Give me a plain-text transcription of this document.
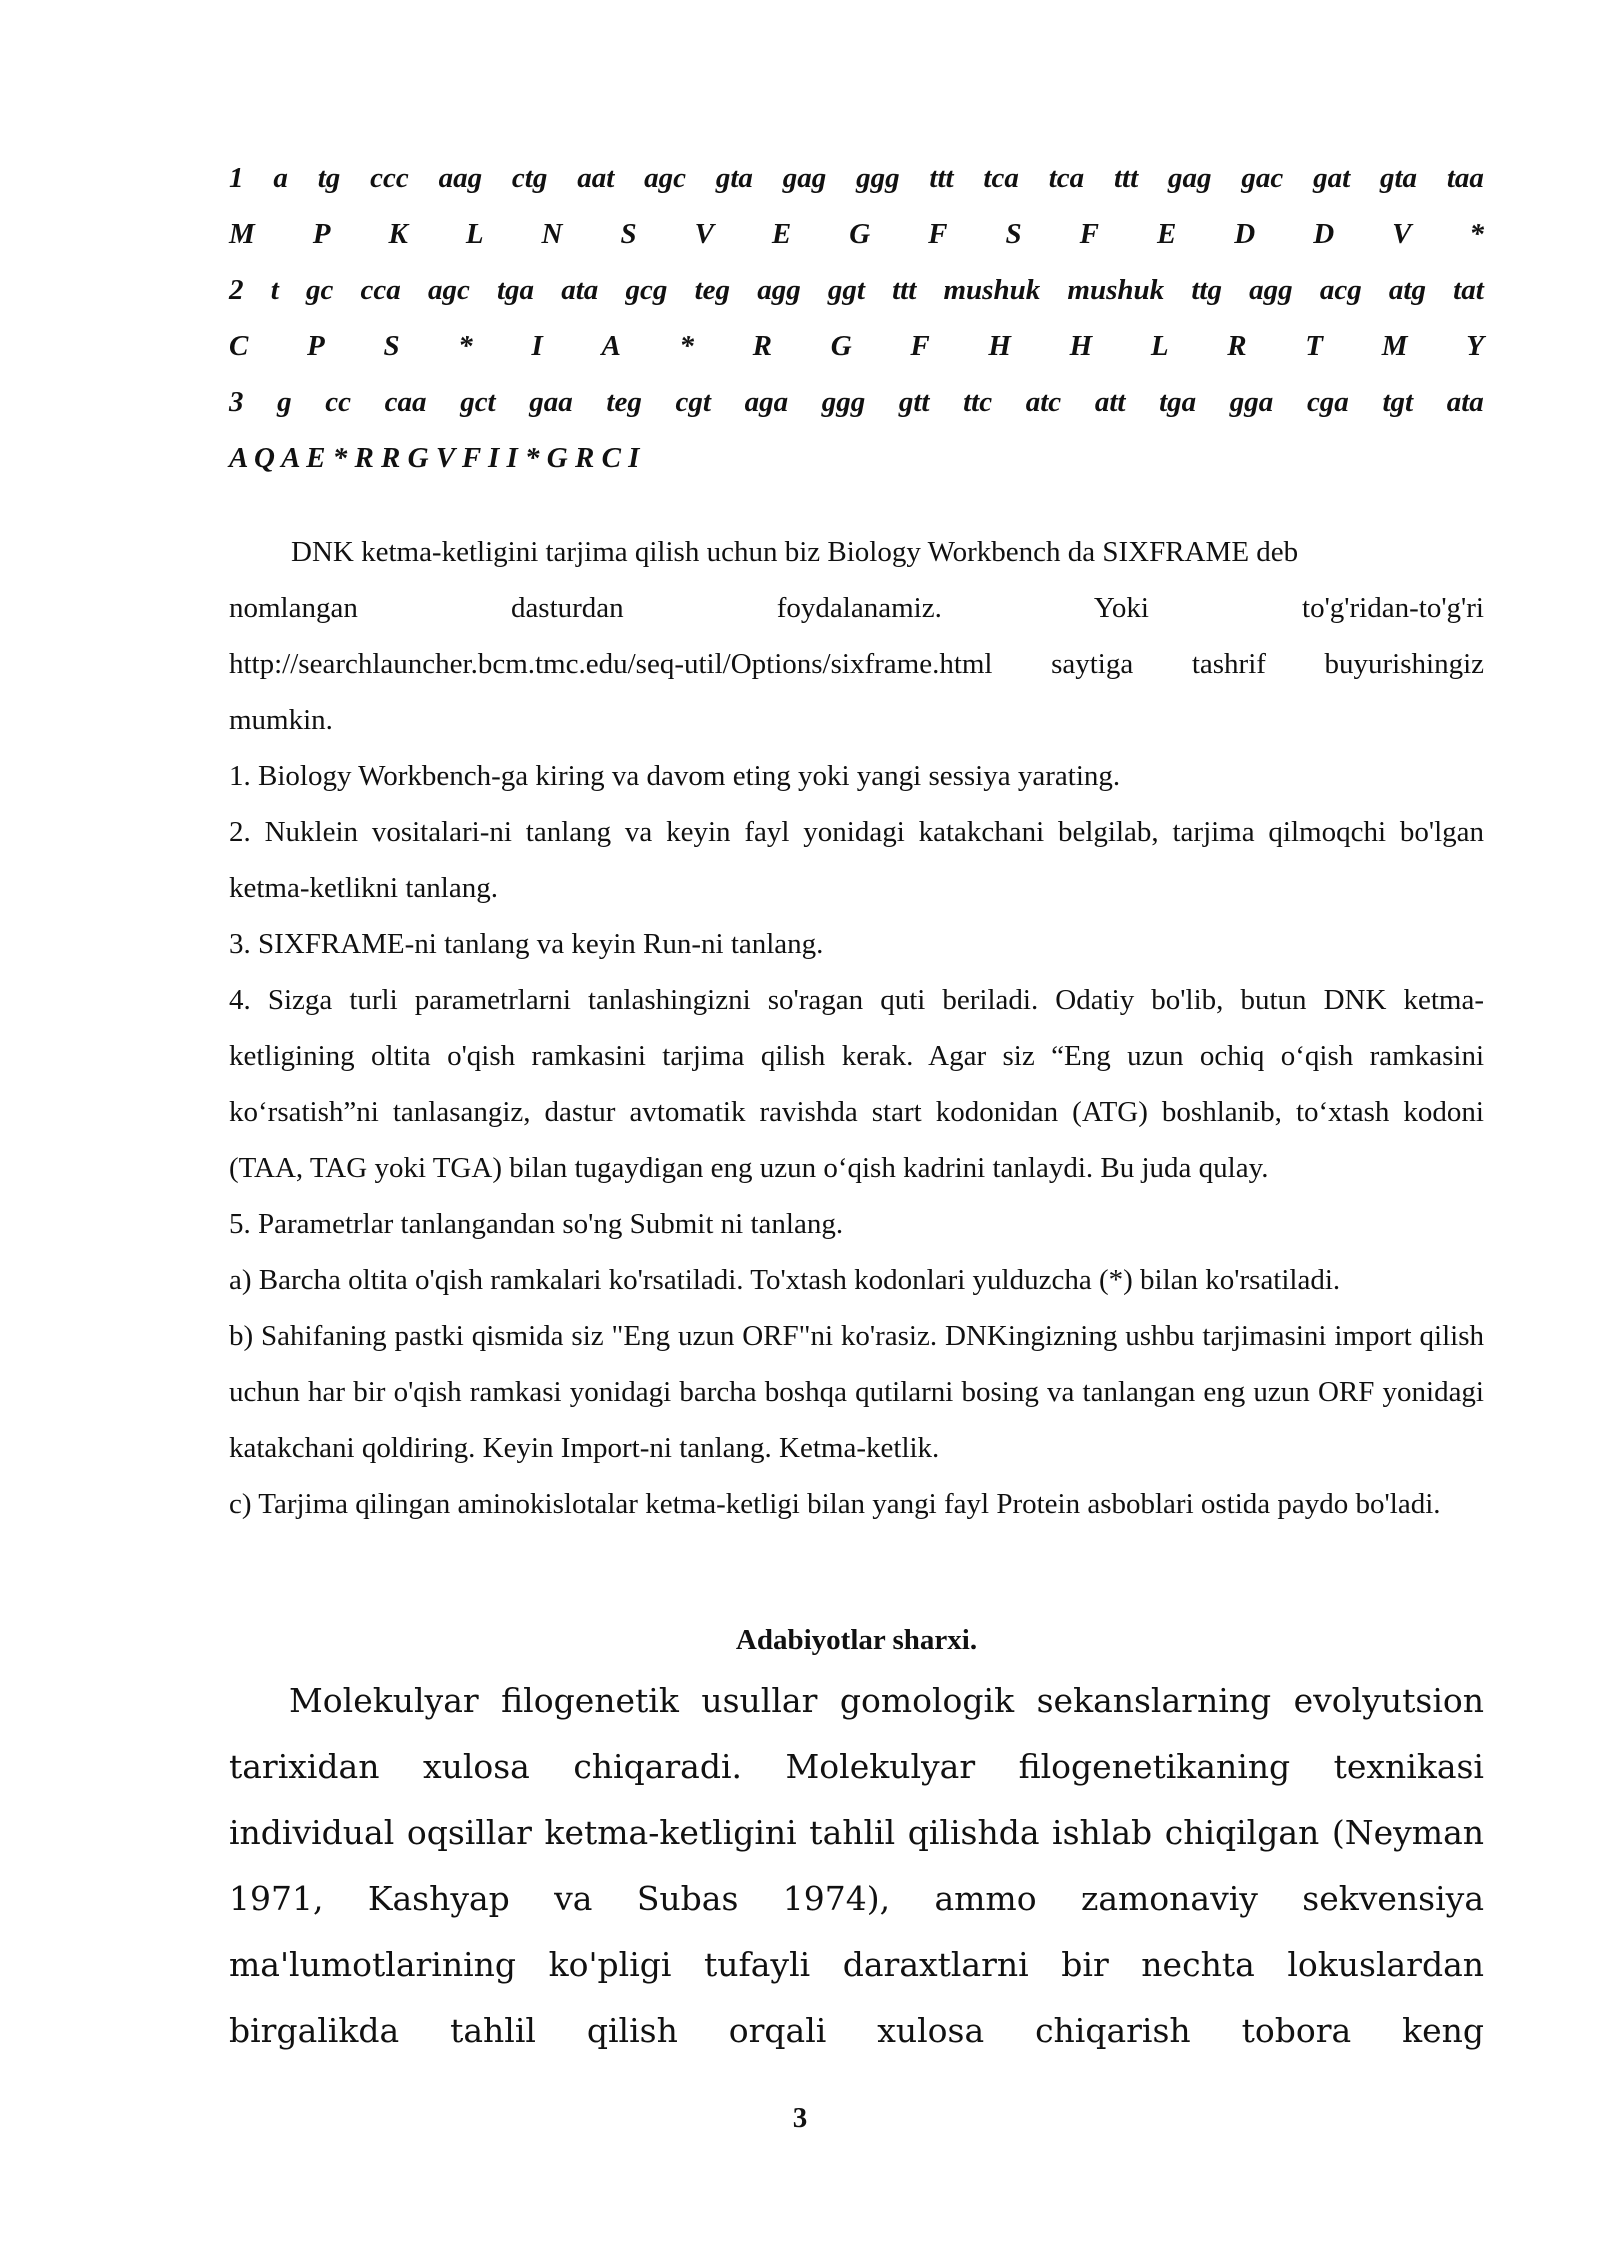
1 a tg ccc aag ctg aat agc gta gag ggg ttt tca tca ttt gag gac gat gta taa
M P K L N S V E G F S F E D D V *
2 t gc cca agc tga ata gcg teg agg ggt ttt mushuk mushuk ttg agg acg atg tat
C P S * I A * R G F H H L R T M Y
3 g cc caa gct gaa teg cgt aga ggg gtt ttc atc att tga gga cga tgt ata
A Q A E * R R G V F I I * G R C I

DNK ketma-ketligini tarjima qilish uchun biz Biology Workbench da SIXFRAME deb

nomlangan dasturdan foydalanamiz. Yoki to'g'ridan-to'g'ri

http://searchlauncher.bcm.tmc.edu/seq-util/Options/sixframe.html saytiga tashrif buyurishingiz

mumkin.

1. Biology Workbench-ga kiring va davom eting yoki yangi sessiya yarating.

2. Nuklein vositalari-ni tanlang va keyin fayl yonidagi katakchani belgilab, tarjima qilmoqchi bo'lgan ketma-ketlikni tanlang.

3. SIXFRAME-ni tanlang va keyin Run-ni tanlang.

4. Sizga turli parametrlarni tanlashingizni so'ragan quti beriladi. Odatiy bo'lib, butun DNK ketma-ketligining oltita o'qish ramkasini tarjima qilish kerak. Agar siz “Eng uzun ochiq oʻqish ramkasini koʻrsatish”ni tanlasangiz, dastur avtomatik ravishda start kodonidan (ATG) boshlanib, toʻxtash kodoni (TAA, TAG yoki TGA) bilan tugaydigan eng uzun oʻqish kadrini tanlaydi. Bu juda qulay.

5. Parametrlar tanlangandan so'ng Submit ni tanlang.

a) Barcha oltita o'qish ramkalari ko'rsatiladi. To'xtash kodonlari yulduzcha (*) bilan ko'rsatiladi.

b) Sahifaning pastki qismida siz "Eng uzun ORF"ni ko'rasiz. DNKingizning ushbu tarjimasini import qilish uchun har bir o'qish ramkasi yonidagi barcha boshqa qutilarni bosing va tanlangan eng uzun ORF yonidagi katakchani qoldiring. Keyin Import-ni tanlang. Ketma-ketlik.

c) Tarjima qilingan aminokislotalar ketma-ketligi bilan yangi fayl Protein asboblari ostida paydo bo'ladi.

Adabiyotlar sharxi.

Molekulyar filogenetik usullar gomologik sekanslarning evolyutsion tarixidan xulosa chiqaradi. Molekulyar filogenetikaning texnikasi individual oqsillar ketma-ketligini tahlil qilishda ishlab chiqilgan (Neyman 1971, Kashyap va Subas 1974), ammo zamonaviy sekvensiya ma'lumotlarining ko'pligi tufayli daraxtlarni bir nechta lokuslardan birgalikda tahlil qilish orqali xulosa chiqarish tobora keng

3
